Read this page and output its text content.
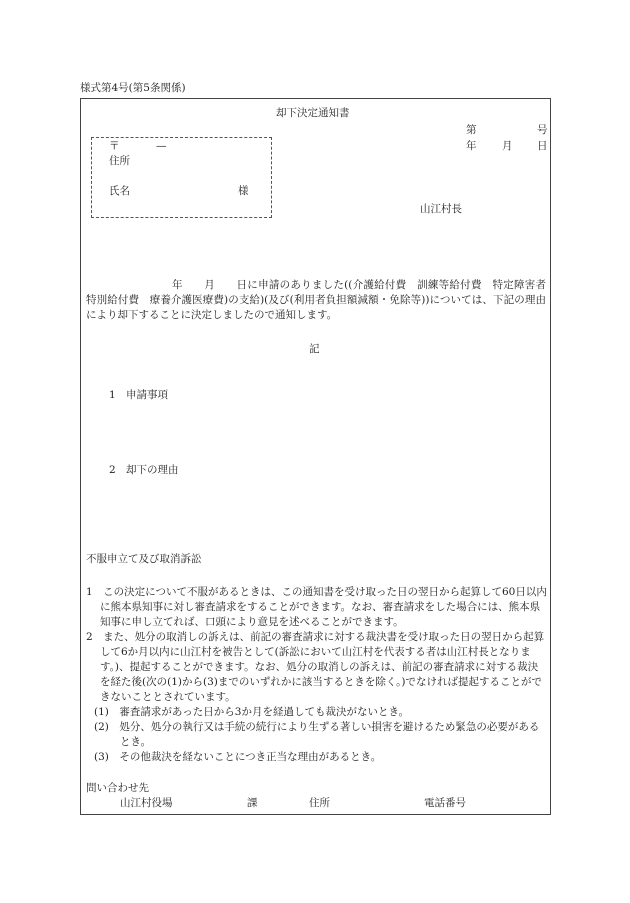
様式第4号(第5条関係)
却下決定通知書
第	号
年 月 日
〒	—
住所
氏名	様
山江村長
年　　月　　日に申請のありました((介護給付費　訓練等給付費　特定障害者特別給付費　療養介護医療費)の支給)(及び(利用者負担額減額・免除等))については、下記の理由により却下することに決定しましたので通知します。
記
1 申請事項
2 却下の理由
不服申立て及び取消訴訟

1　この決定について不服があるときは、この通知書を受け取った日の翌日から起算して60日以内に熊本県知事に対し審査請求をすることができます。なお、審査請求をした場合には、熊本県知事に申し立てれば、口頭により意見を述べることができます。

2　また、処分の取消しの訴えは、前記の審査請求に対する裁決書を受け取った日の翌日から起算して6か月以内に山江村を被告として(訴訟において山江村を代表する者は山江村長となります。)、提起することができます。なお、処分の取消しの訴えは、前記の審査請求に対する裁決を経た後(次の(1)から(3)までのいずれかに該当するときを除く。)でなければ提起することができないこととされています。

(1)　審査請求があった日から3か月を経過しても裁決がないとき。

(2)　処分、処分の執行又は手続の続行により生ずる著しい損害を避けるため緊急の必要があるとき。

(3)　その他裁決を経ないことにつき正当な理由があるとき。

問い合わせ先
山江村役場	課	住所	電話番号
